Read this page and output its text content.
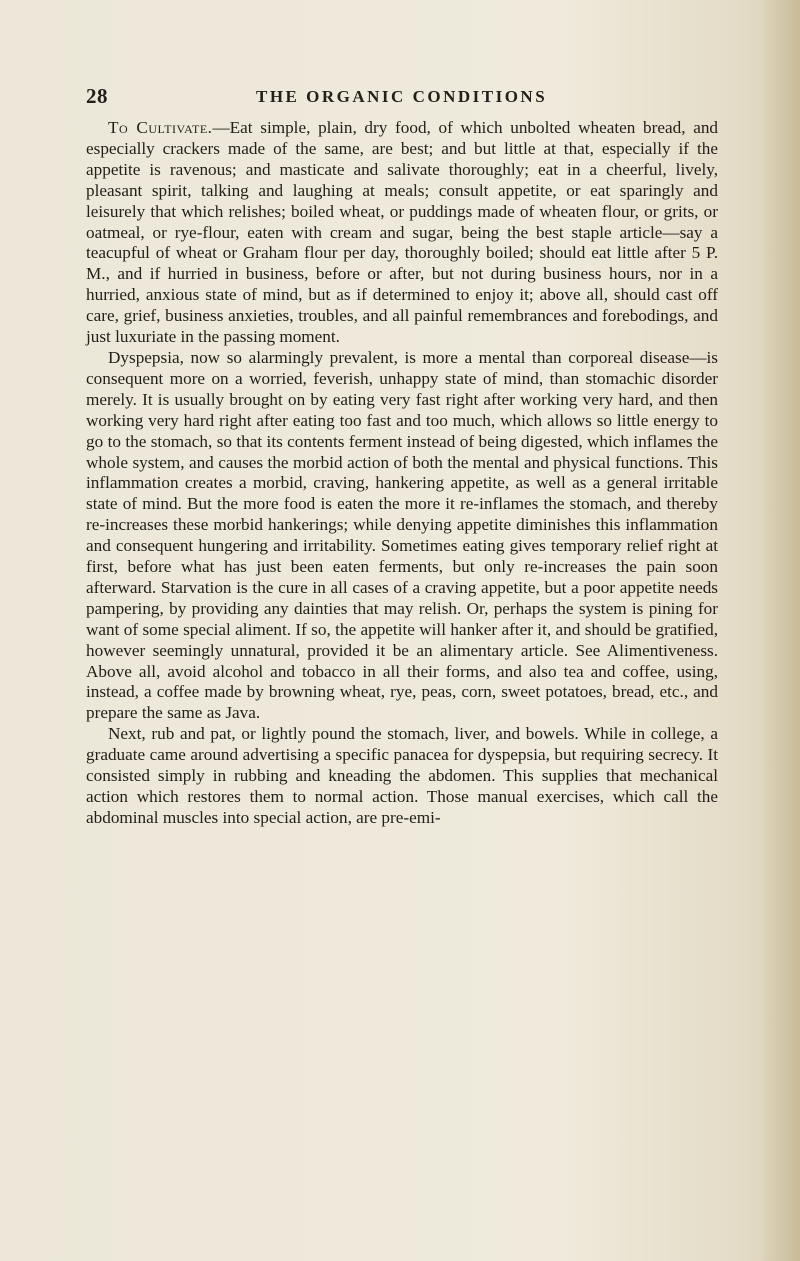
28	THE ORGANIC CONDITIONS

To Cultivate.—Eat simple, plain, dry food, of which unbolted wheaten bread, and especially crackers made of the same, are best; and but little at that, especially if the appetite is ravenous; and masticate and salivate thoroughly; eat in a cheerful, lively, pleasant spirit, talking and laughing at meals; consult appetite, or eat sparingly and leisurely that which relishes; boiled wheat, or puddings made of wheaten flour, or grits, or oatmeal, or rye-flour, eaten with cream and sugar, being the best staple article—say a teacupful of wheat or Graham flour per day, thoroughly boiled; should eat little after 5 P. M., and if hurried in business, before or after, but not during business hours, nor in a hurried, anxious state of mind, but as if determined to enjoy it; above all, should cast off care, grief, business anxieties, troubles, and all painful remembrances and forebodings, and just luxuriate in the passing moment.

Dyspepsia, now so alarmingly prevalent, is more a mental than corporeal disease—is consequent more on a worried, feverish, unhappy state of mind, than stomachic disorder merely. It is usually brought on by eating very fast right after working very hard, and then working very hard right after eating too fast and too much, which allows so little energy to go to the stomach, so that its contents ferment instead of being digested, which inflames the whole system, and causes the morbid action of both the mental and physical functions. This inflammation creates a morbid, craving, hankering appetite, as well as a general irritable state of mind. But the more food is eaten the more it re-inflames the stomach, and thereby re-increases these morbid hankerings; while denying appetite diminishes this inflammation and consequent hungering and irritability. Sometimes eating gives temporary relief right at first, before what has just been eaten ferments, but only re-increases the pain soon afterward. Starvation is the cure in all cases of a craving appetite, but a poor appetite needs pampering, by providing any dainties that may relish. Or, perhaps the system is pining for want of some special aliment. If so, the appetite will hanker after it, and should be gratified, however seemingly unnatural, provided it be an alimentary article. See Alimentiveness. Above all, avoid alcohol and tobacco in all their forms, and also tea and coffee, using, instead, a coffee made by browning wheat, rye, peas, corn, sweet potatoes, bread, etc., and prepare the same as Java.

Next, rub and pat, or lightly pound the stomach, liver, and bowels. While in college, a graduate came around advertising a specific panacea for dyspepsia, but requiring secrecy. It consisted simply in rubbing and kneading the abdomen. This supplies that mechanical action which restores them to normal action. Those manual exercises, which call the abdominal muscles into special action, are pre-emi-
